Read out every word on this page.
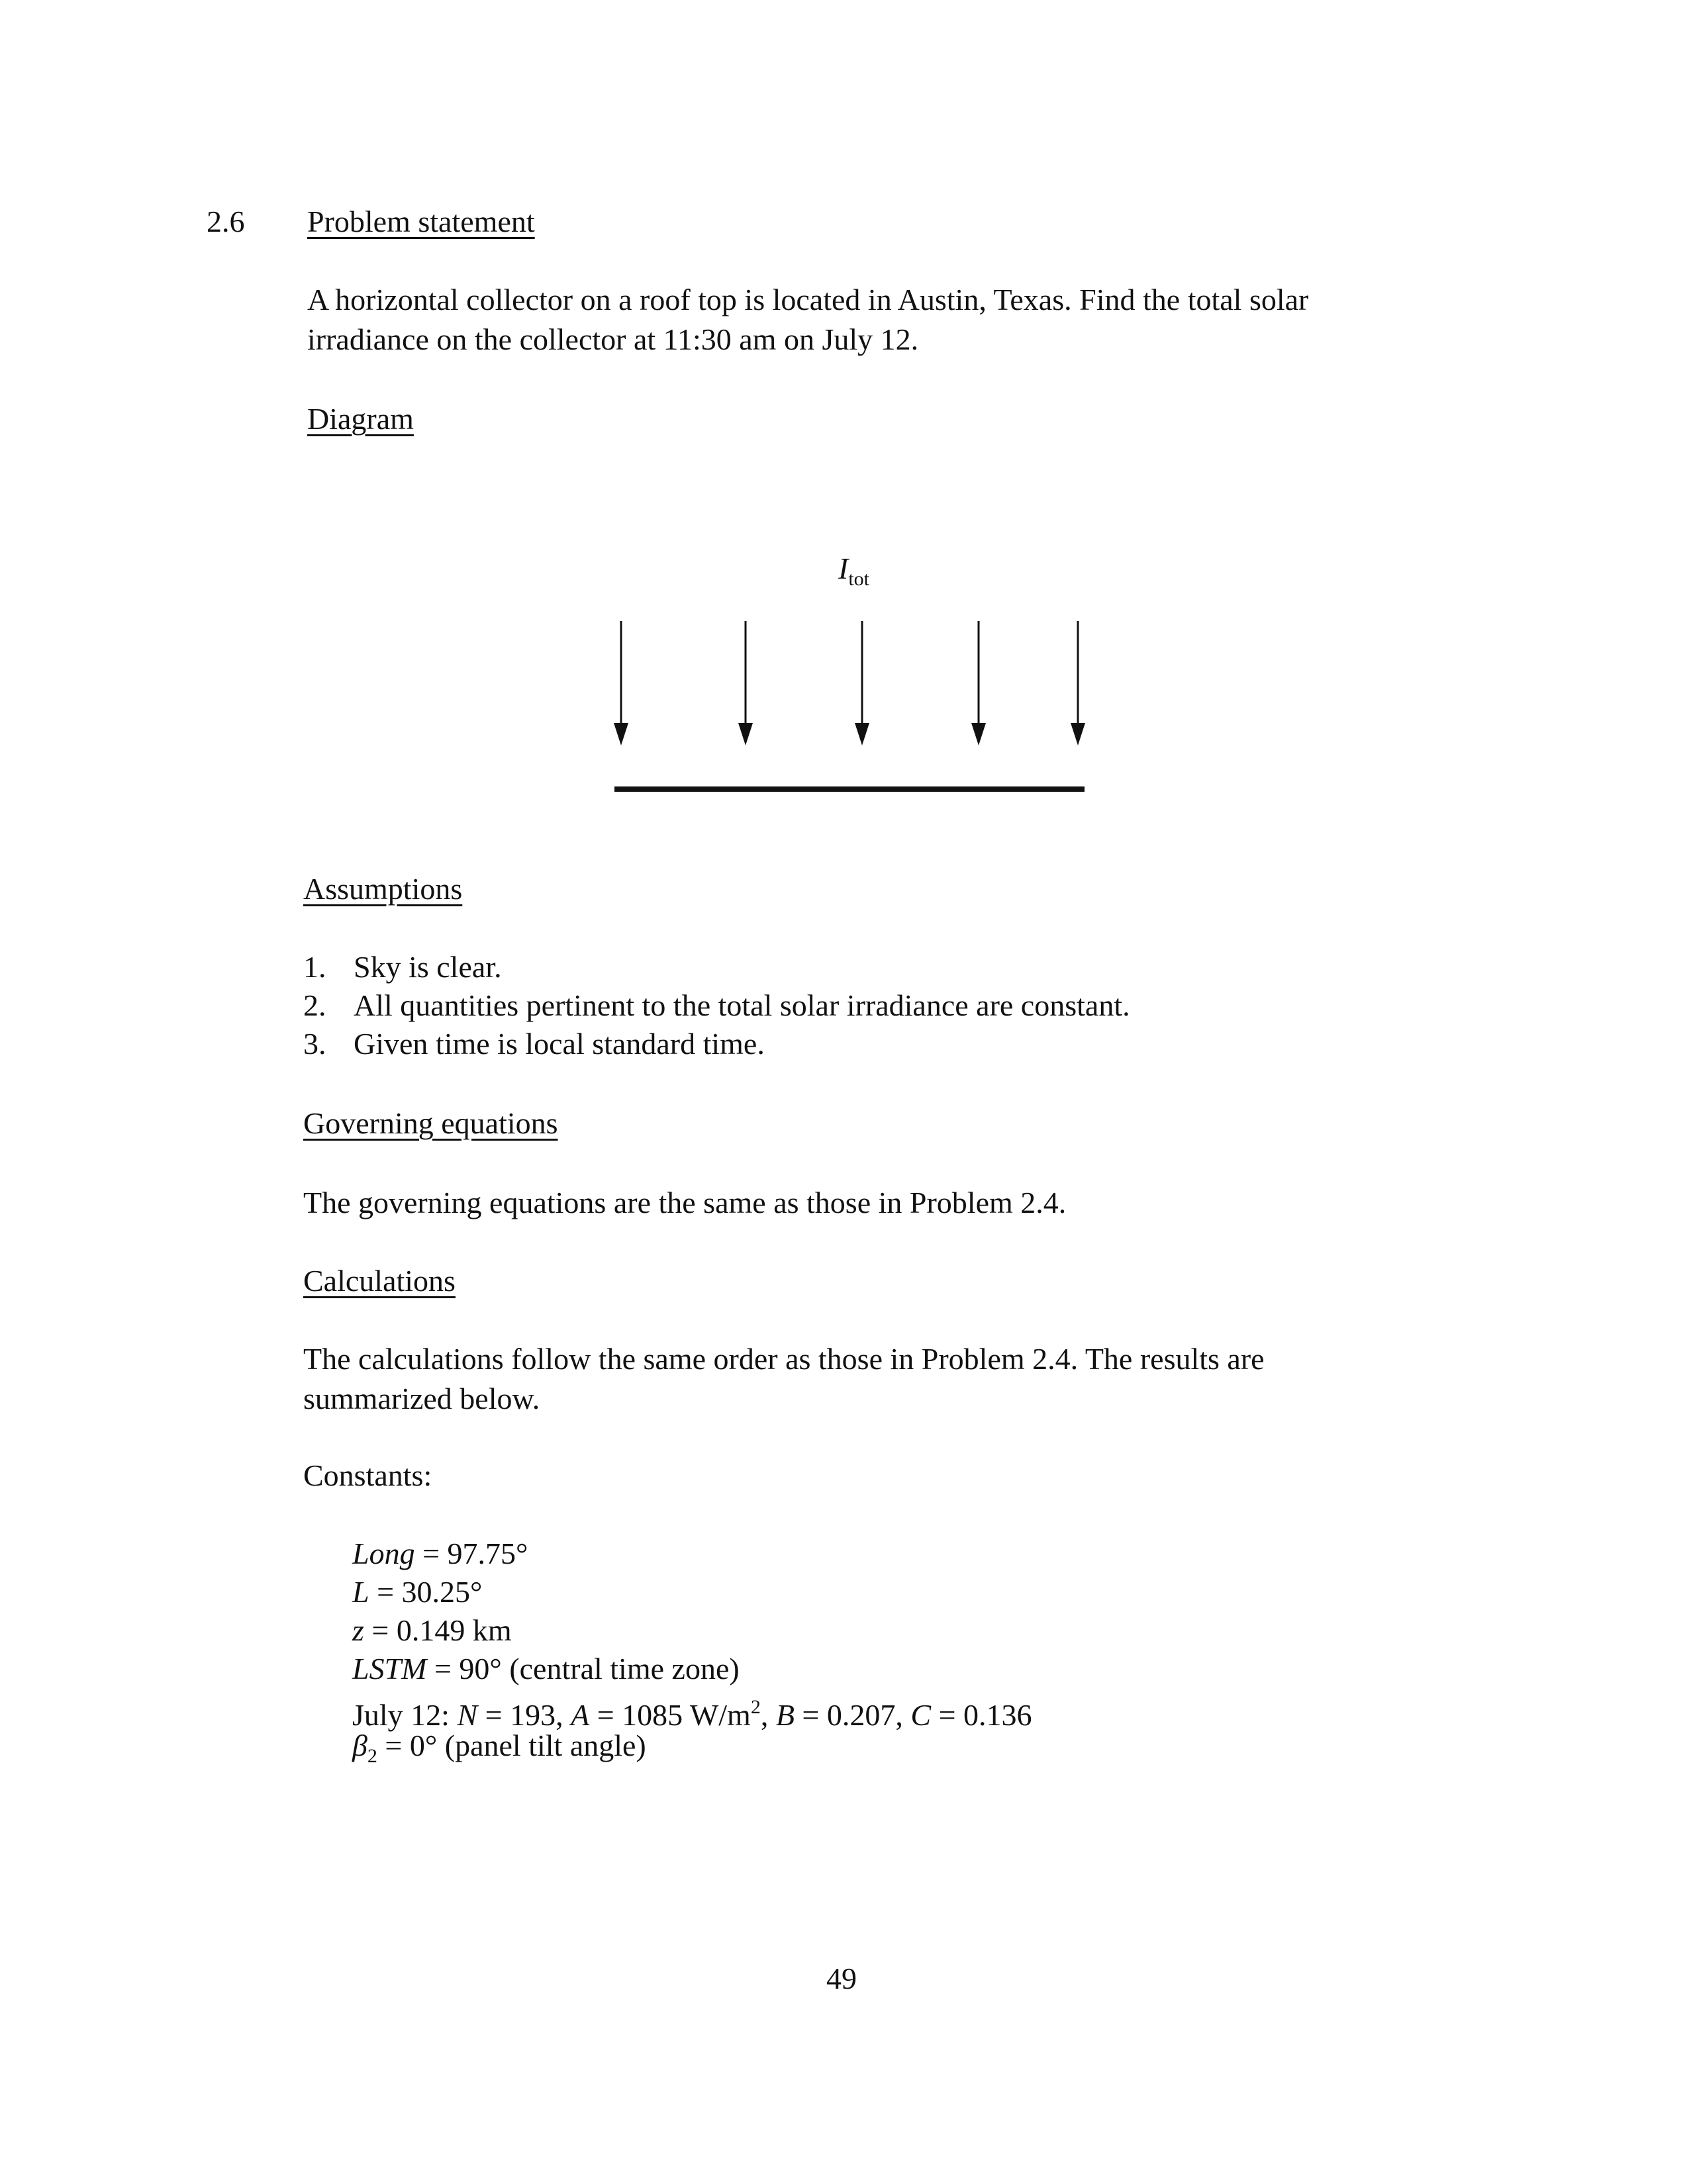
2.6 Problem statement
A horizontal collector on a roof top is located in Austin, Texas. Find the total solar
irradiance on the collector at 11:30 am on July 12.
Diagram
$I_{tot}$
Assumptions
1. Sky is clear.
2. All quantities pertinent to the total solar irradiance are constant.
3. Given time is local standard time.
Governing equations
The governing equations are the same as those in Problem 2.4.
Calculations
The calculations follow the same order as those in Problem 2.4. The results are
summarized below.
Constants:
Long = 97.75°
L = 30.25°
z = 0.149 km
LSTM = 90° (central time zone)
July 12: N = 193, A = 1085 $W/m^2$, B = 0.207, C = 0.136
$\beta_2 = 0^\circ$ (panel tilt angle)
49
